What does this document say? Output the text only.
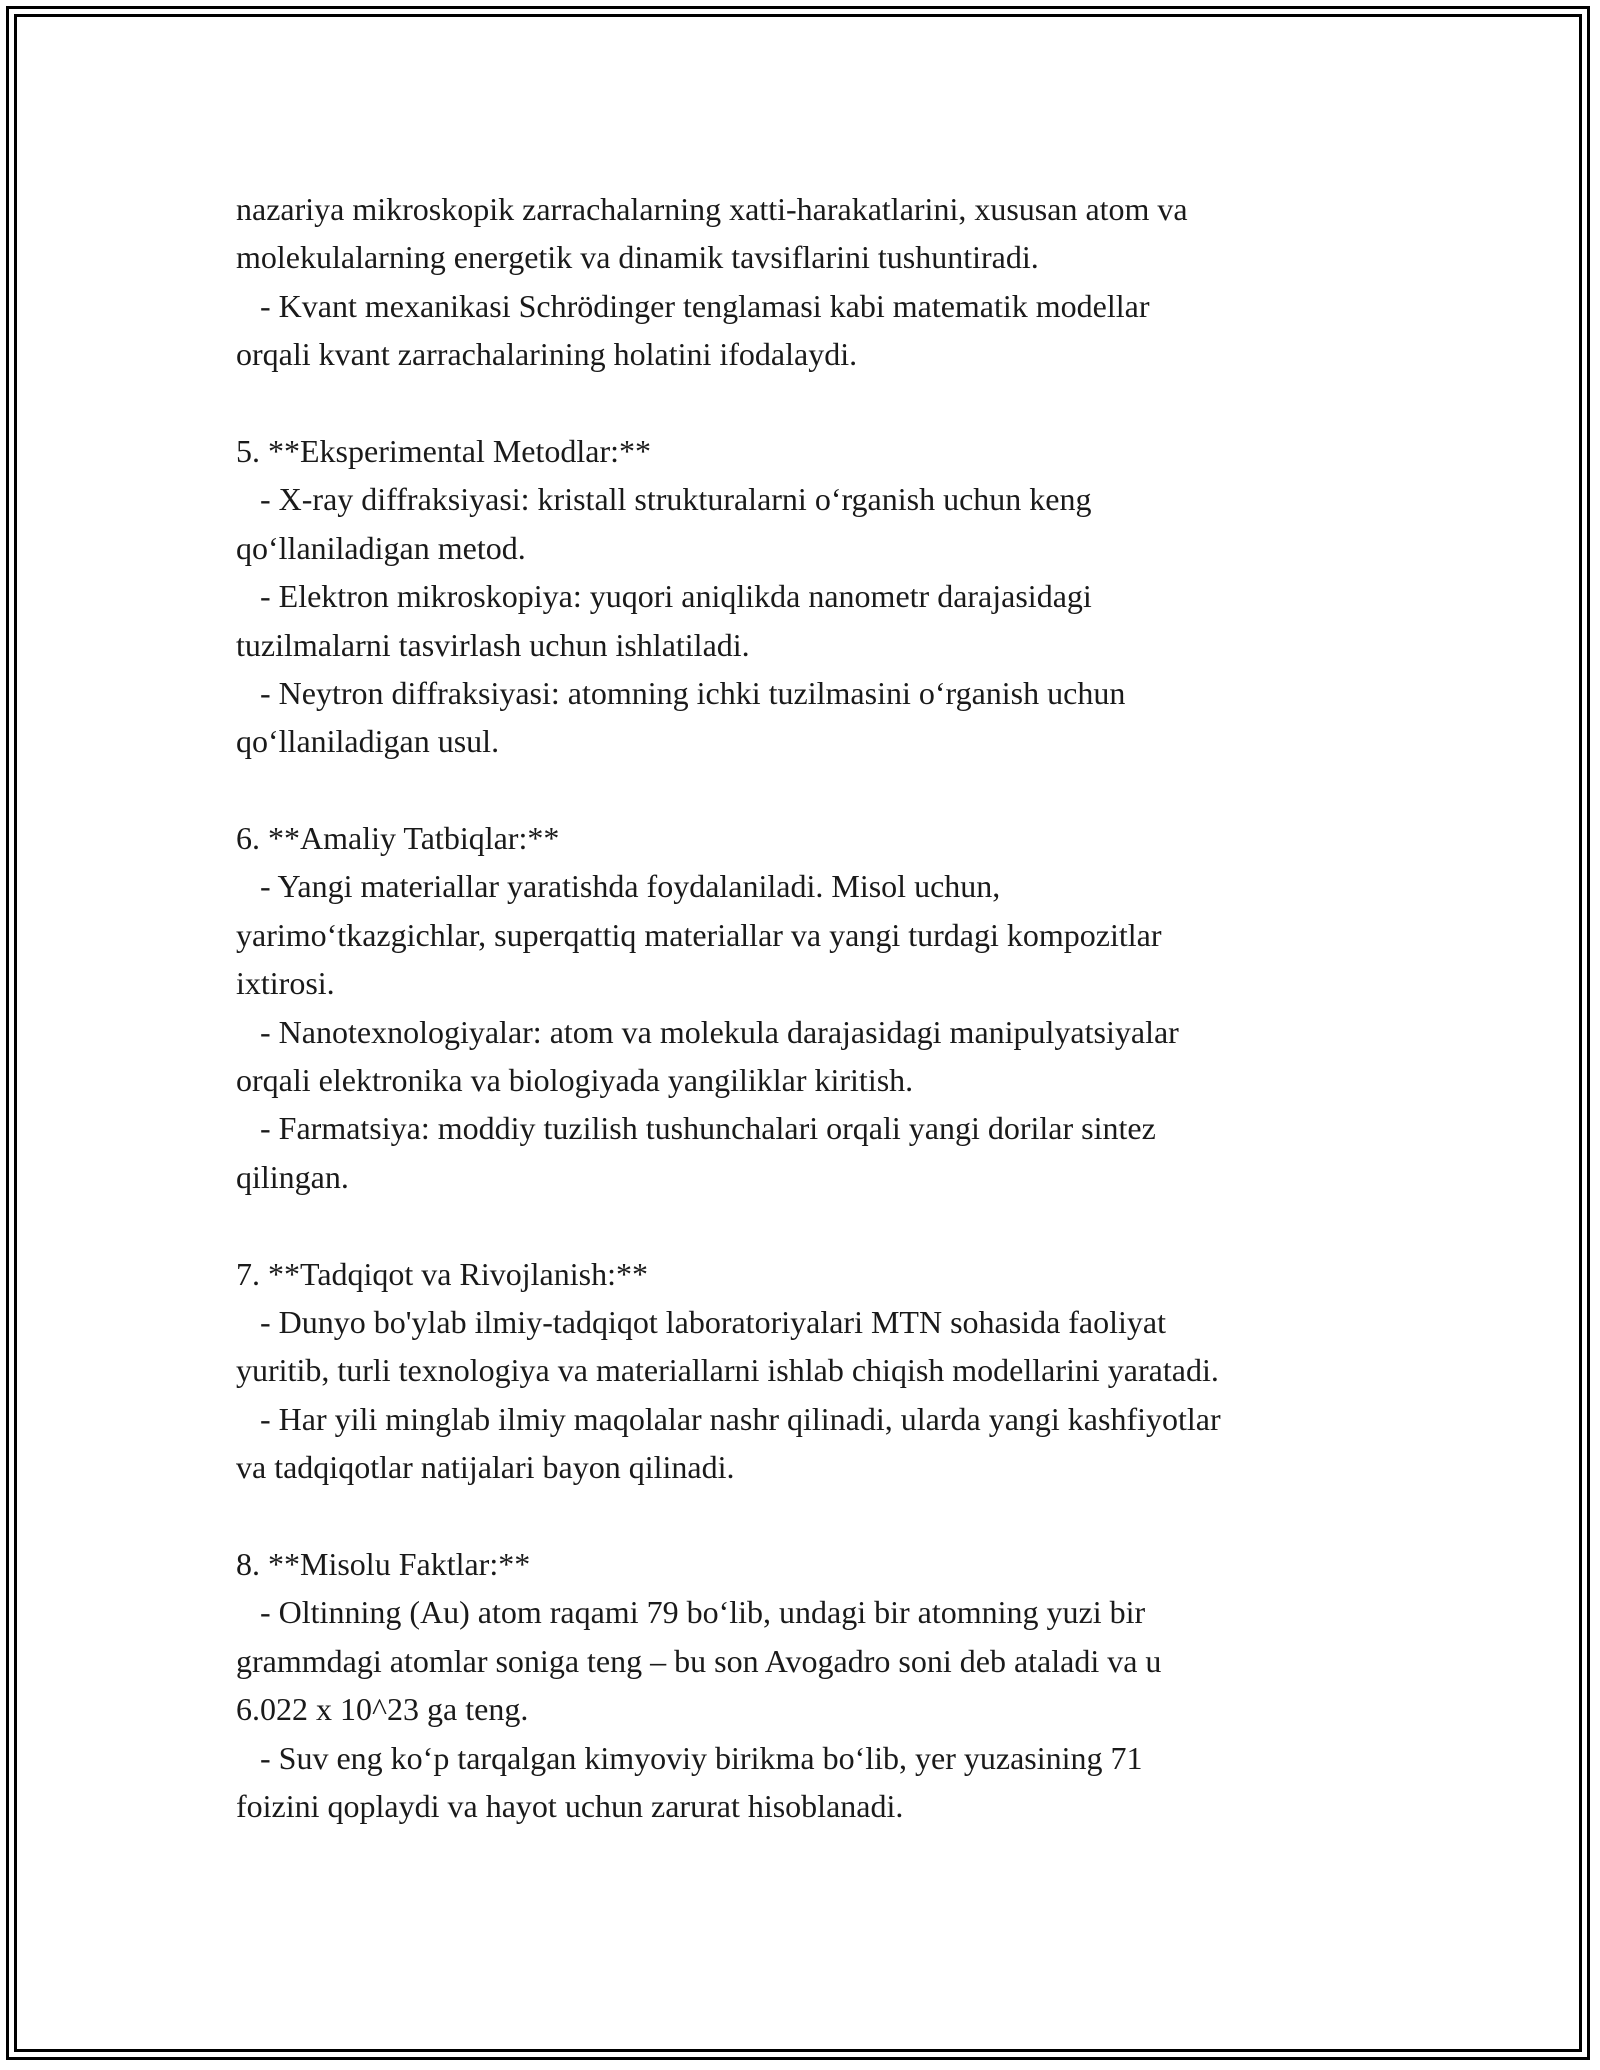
nazariya mikroskopik zarrachalarning xatti-harakatlarini, xususan atom va
molekulalarning energetik va dinamik tavsiflarini tushuntiradi.
- Kvant mexanikasi Schrödinger tenglamasi kabi matematik modellar
orqali kvant zarrachalarining holatini ifodalaydi.
5. **Eksperimental Metodlar:**
- X-ray diffraksiyasi: kristall strukturalarni o‘rganish uchun keng
qo‘llaniladigan metod.
- Elektron mikroskopiya: yuqori aniqlikda nanometr darajasidagi
tuzilmalarni tasvirlash uchun ishlatiladi.
- Neytron diffraksiyasi: atomning ichki tuzilmasini o‘rganish uchun
qo‘llaniladigan usul.
6. **Amaliy Tatbiqlar:**
- Yangi materiallar yaratishda foydalaniladi. Misol uchun,
yarimo‘tkazgichlar, superqattiq materiallar va yangi turdagi kompozitlar
ixtirosi.
- Nanotexnologiyalar: atom va molekula darajasidagi manipulyatsiyalar
orqali elektronika va biologiyada yangiliklar kiritish.
- Farmatsiya: moddiy tuzilish tushunchalari orqali yangi dorilar sintez
qilingan.
7. **Tadqiqot va Rivojlanish:**
- Dunyo bo'ylab ilmiy-tadqiqot laboratoriyalari MTN sohasida faoliyat
yuritib, turli texnologiya va materiallarni ishlab chiqish modellarini yaratadi.
- Har yili minglab ilmiy maqolalar nashr qilinadi, ularda yangi kashfiyotlar
va tadqiqotlar natijalari bayon qilinadi.
8. **Misolu Faktlar:**
- Oltinning (Au) atom raqami 79 bo‘lib, undagi bir atomning yuzi bir
grammdagi atomlar soniga teng – bu son Avogadro soni deb ataladi va u
6.022 x 10^23 ga teng.
- Suv eng ko‘p tarqalgan kimyoviy birikma bo‘lib, yer yuzasining 71
foizini qoplaydi va hayot uchun zarurat hisoblanadi.
